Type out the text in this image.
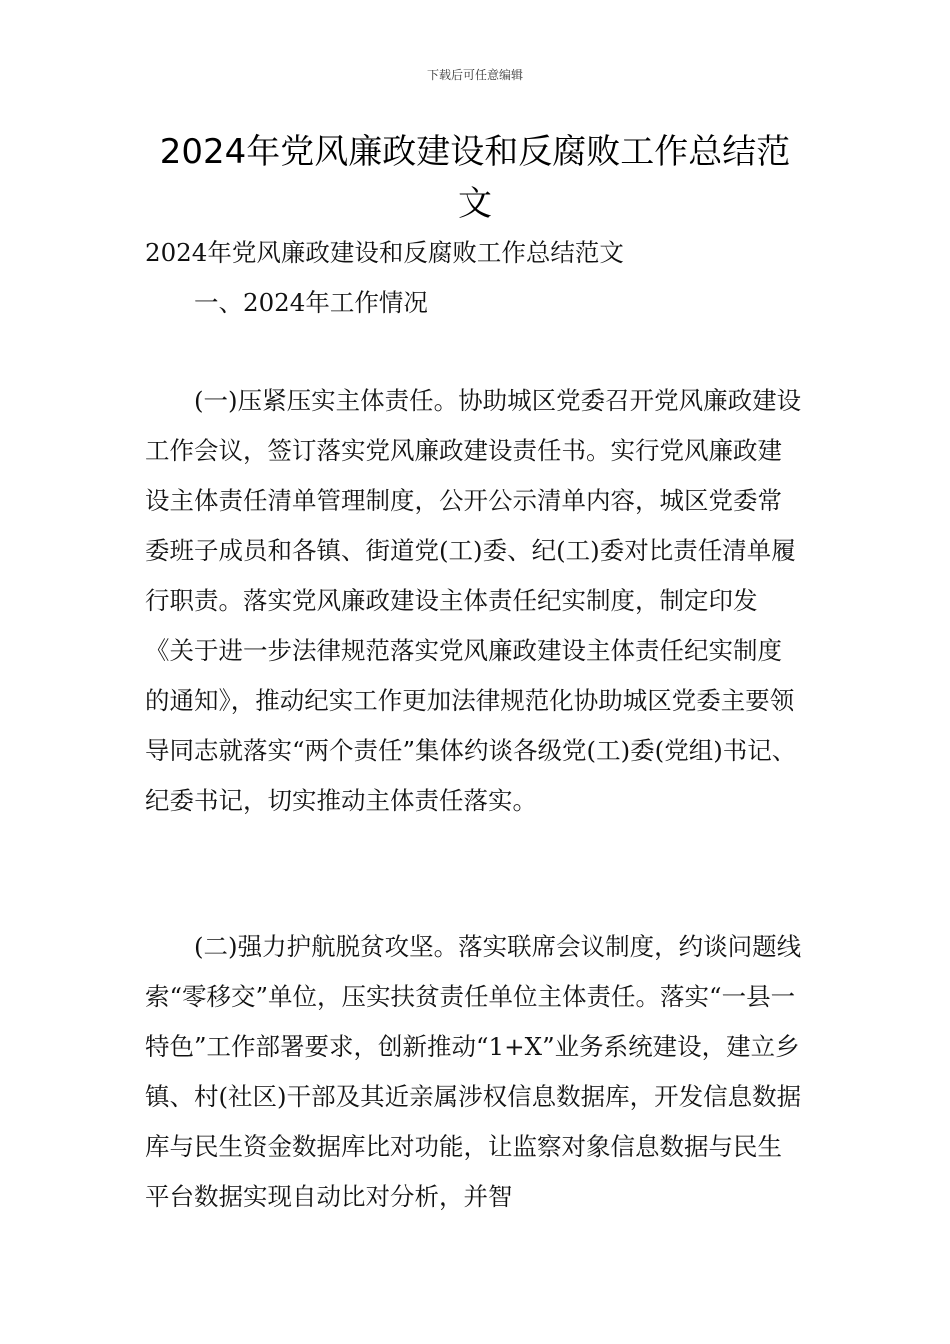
下载后可任意编辑
2024年党风廉政建设和反腐败工作总结范文

2024年党风廉政建设和反腐败工作总结范文

一、2024年工作情况

(一)压紧压实主体责任。协助城区党委召开党风廉政建设工作会议，签订落实党风廉政建设责任书。实行党风廉政建设主体责任清单管理制度，公开公示清单内容，城区党委常委班子成员和各镇、街道党(工)委、纪(工)委对比责任清单履行职责。落实党风廉政建设主体责任纪实制度，制定印发《关于进一步法律规范落实党风廉政建设主体责任纪实制度的通知》，推动纪实工作更加法律规范化协助城区党委主要领导同志就落实“两个责任”集体约谈各级党(工)委(党组)书记、纪委书记，切实推动主体责任落实。

(二)强力护航脱贫攻坚。落实联席会议制度，约谈问题线索“零移交”单位，压实扶贫责任单位主体责任。落实“一县一特色”工作部署要求，创新推动“1+X”业务系统建设，建立乡镇、村(社区)干部及其近亲属涉权信息数据库，开发信息数据库与民生资金数据库比对功能，让监察对象信息数据与民生平台数据实现自动比对分析，并智
